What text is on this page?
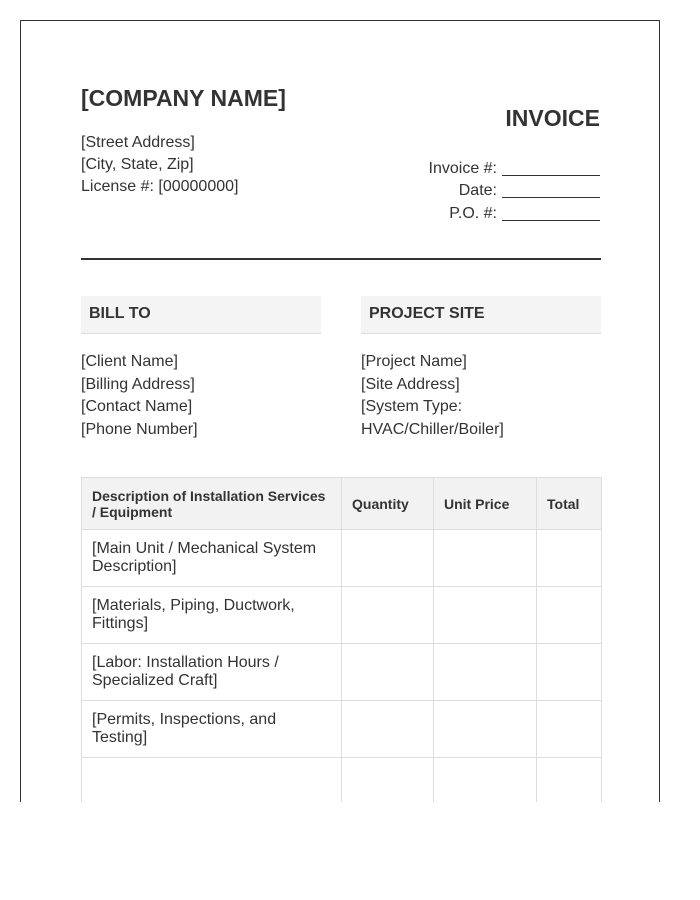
[COMPANY NAME]
[Street Address]
[City, State, Zip]
License #: [00000000]
INVOICE
Invoice #:
Date:
P.O. #:
BILL TO	PROJECT SITE
[Client Name]
[Billing Address]
[Contact Name]
[Phone Number]
[Project Name]
[Site Address]
[System Type:
HVAC/Chiller/Boiler]
Description of Installation Services / Equipment	Quantity	Unit Price	Total
[Main Unit / Mechanical System Description]			
[Materials, Piping, Ductwork, Fittings]			
[Labor: Installation Hours / Specialized Craft]			
[Permits, Inspections, and Testing]			
